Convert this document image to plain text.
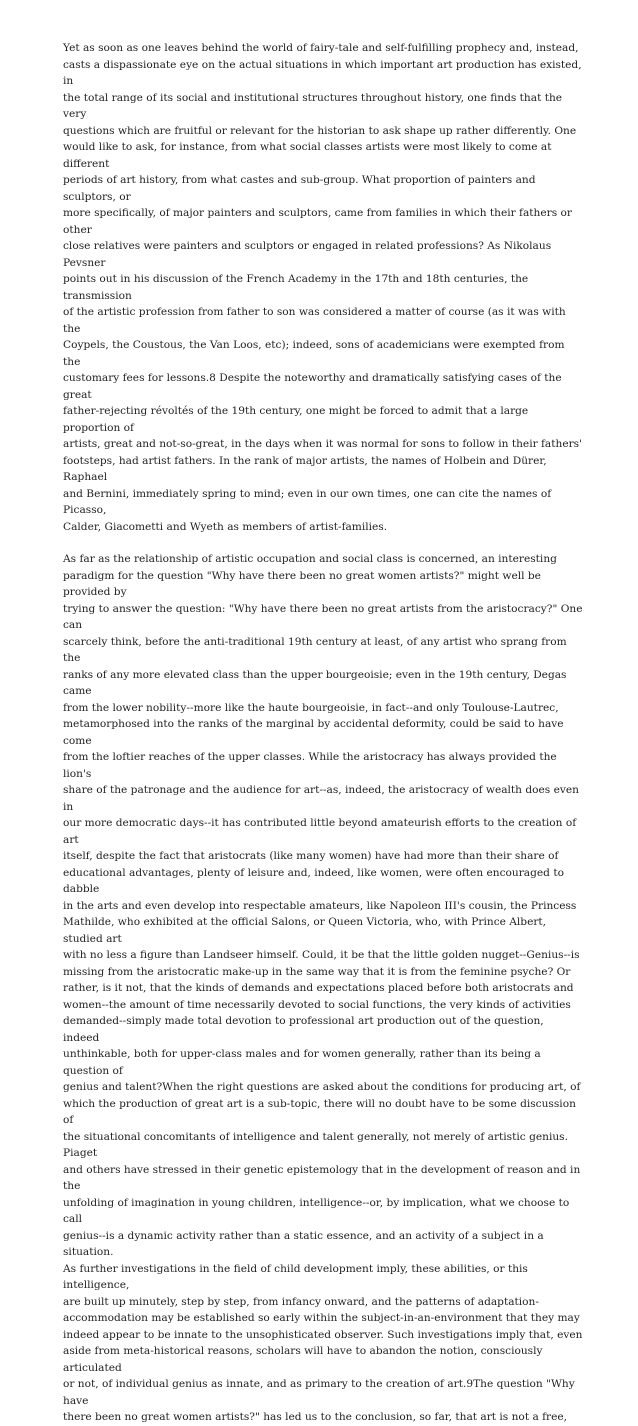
Yet as soon as one leaves behind the world of fairy-tale and self-fulfilling prophecy and, instead,
casts a dispassionate eye on the actual situations in which important art production has existed, in
the total range of its social and institutional structures throughout history, one finds that the very
questions which are fruitful or relevant for the historian to ask shape up rather differently. One
would like to ask, for instance, from what social classes artists were most likely to come at different
periods of art history, from what castes and sub-group. What proportion of painters and sculptors, or
more specifically, of major painters and sculptors, came from families in which their fathers or other
close relatives were painters and sculptors or engaged in related professions? As Nikolaus Pevsner
points out in his discussion of the French Academy in the 17th and 18th centuries, the transmission
of the artistic profession from father to son was considered a matter of course (as it was with the
Coypels, the Coustous, the Van Loos, etc); indeed, sons of academicians were exempted from the
customary fees for lessons.8 Despite the noteworthy and dramatically satisfying cases of the great
father-rejecting révoltés of the 19th century, one might be forced to admit that a large proportion of
artists, great and not-so-great, in the days when it was normal for sons to follow in their fathers'
footsteps, had artist fathers. In the rank of major artists, the names of Holbein and Dürer, Raphael
and Bernini, immediately spring to mind; even in our own times, one can cite the names of Picasso,
Calder, Giacometti and Wyeth as members of artist-families.

As far as the relationship of artistic occupation and social class is concerned, an interesting
paradigm for the question "Why have there been no great women artists?" might well be provided by
trying to answer the question: "Why have there been no great artists from the aristocracy?" One can
scarcely think, before the anti-traditional 19th century at least, of any artist who sprang from the
ranks of any more elevated class than the upper bourgeoisie; even in the 19th century, Degas came
from the lower nobility--more like the haute bourgeoisie, in fact--and only Toulouse-Lautrec,
metamorphosed into the ranks of the marginal by accidental deformity, could be said to have come
from the loftier reaches of the upper classes. While the aristocracy has always provided the lion's
share of the patronage and the audience for art--as, indeed, the aristocracy of wealth does even in
our more democratic days--it has contributed little beyond amateurish efforts to the creation of art
itself, despite the fact that aristocrats (like many women) have had more than their share of
educational advantages, plenty of leisure and, indeed, like women, were often encouraged to dabble
in the arts and even develop into respectable amateurs, like Napoleon III's cousin, the Princess
Mathilde, who exhibited at the official Salons, or Queen Victoria, who, with Prince Albert, studied art
with no less a figure than Landseer himself. Could, it be that the little golden nugget--Genius--is
missing from the aristocratic make-up in the same way that it is from the feminine psyche? Or
rather, is it not, that the kinds of demands and expectations placed before both aristocrats and
women--the amount of time necessarily devoted to social functions, the very kinds of activities
demanded--simply made total devotion to professional art production out of the question, indeed
unthinkable, both for upper-class males and for women generally, rather than its being a question of
genius and talent?When the right questions are asked about the conditions for producing art, of
which the production of great art is a sub-topic, there will no doubt have to be some discussion of
the situational concomitants of intelligence and talent generally, not merely of artistic genius. Piaget
and others have stressed in their genetic epistemology that in the development of reason and in the
unfolding of imagination in young children, intelligence--or, by implication, what we choose to call
genius--is a dynamic activity rather than a static essence, and an activity of a subject in a situation.
As further investigations in the field of child development imply, these abilities, or this intelligence,
are built up minutely, step by step, from infancy onward, and the patterns of adaptation-
accommodation may be established so early within the subject-in-an-environment that they may
indeed appear to be innate to the unsophisticated observer. Such investigations imply that, even
aside from meta-historical reasons, scholars will have to abandon the notion, consciously articulated
or not, of individual genius as innate, and as primary to the creation of art.9The question "Why have
there been no great women artists?" has led us to the conclusion, so far, that art is not a free,
